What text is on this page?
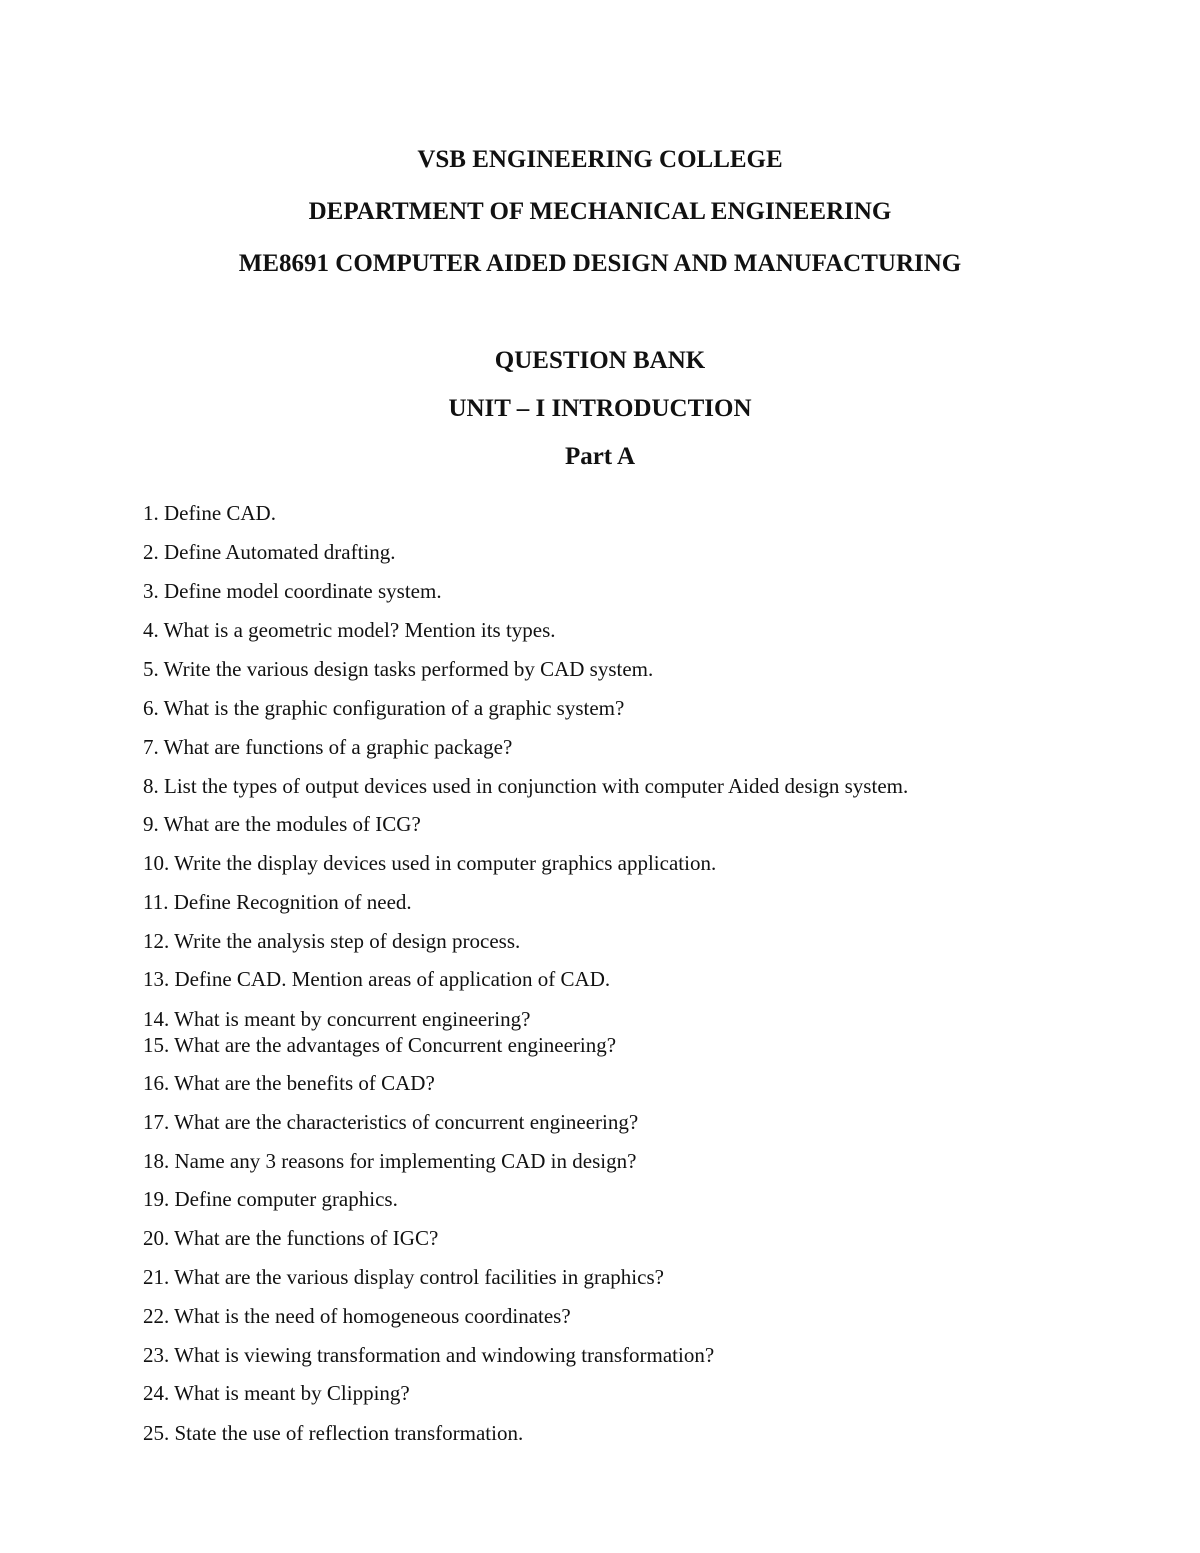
VSB ENGINEERING COLLEGE
DEPARTMENT OF MECHANICAL ENGINEERING
ME8691 COMPUTER AIDED DESIGN AND MANUFACTURING
QUESTION BANK
UNIT – I INTRODUCTION
Part A
1. Define CAD.
2. Define Automated drafting.
3. Define model coordinate system.
4. What is a geometric model? Mention its types.
5. Write the various design tasks performed by CAD system.
6. What is the graphic configuration of a graphic system?
7. What are functions of a graphic package?
8. List the types of output devices used in conjunction with computer Aided design system.
9. What are the modules of ICG?
10. Write the display devices used in computer graphics application.
11. Define Recognition of need.
12. Write the analysis step of design process.
13. Define CAD. Mention areas of application of CAD.
14. What is meant by concurrent engineering?
15. What are the advantages of Concurrent engineering?
16. What are the benefits of CAD?
17. What are the characteristics of concurrent engineering?
18. Name any 3 reasons for implementing CAD in design?
19. Define computer graphics.
20. What are the functions of IGC?
21. What are the various display control facilities in graphics?
22. What is the need of homogeneous coordinates?
23. What is viewing transformation and windowing transformation?
24. What is meant by Clipping?
25. State the use of reflection transformation.
